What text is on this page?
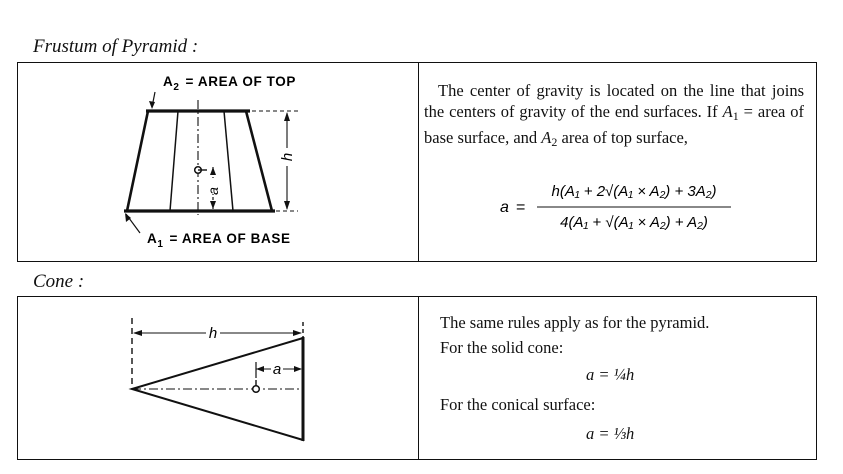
Frustum of Pyramid :
Cone :
a
h
$A_2$ = AREA OF TOP
$A_1$ = AREA OF BASE
h
a
The center of gravity is located on the line that joins the centers of gravity of the end surfaces. If $A_1$ = area of base surface, and $A_2$ area of top surface,
a =
h(A₁ + 2√(A₁ × A₂) + 3A₂)
4(A₁ + √(A₁ × A₂) + A₂)
The same rules apply as for the pyramid.
For the solid cone:
a = ¼h
For the conical surface:
a = ⅓h
